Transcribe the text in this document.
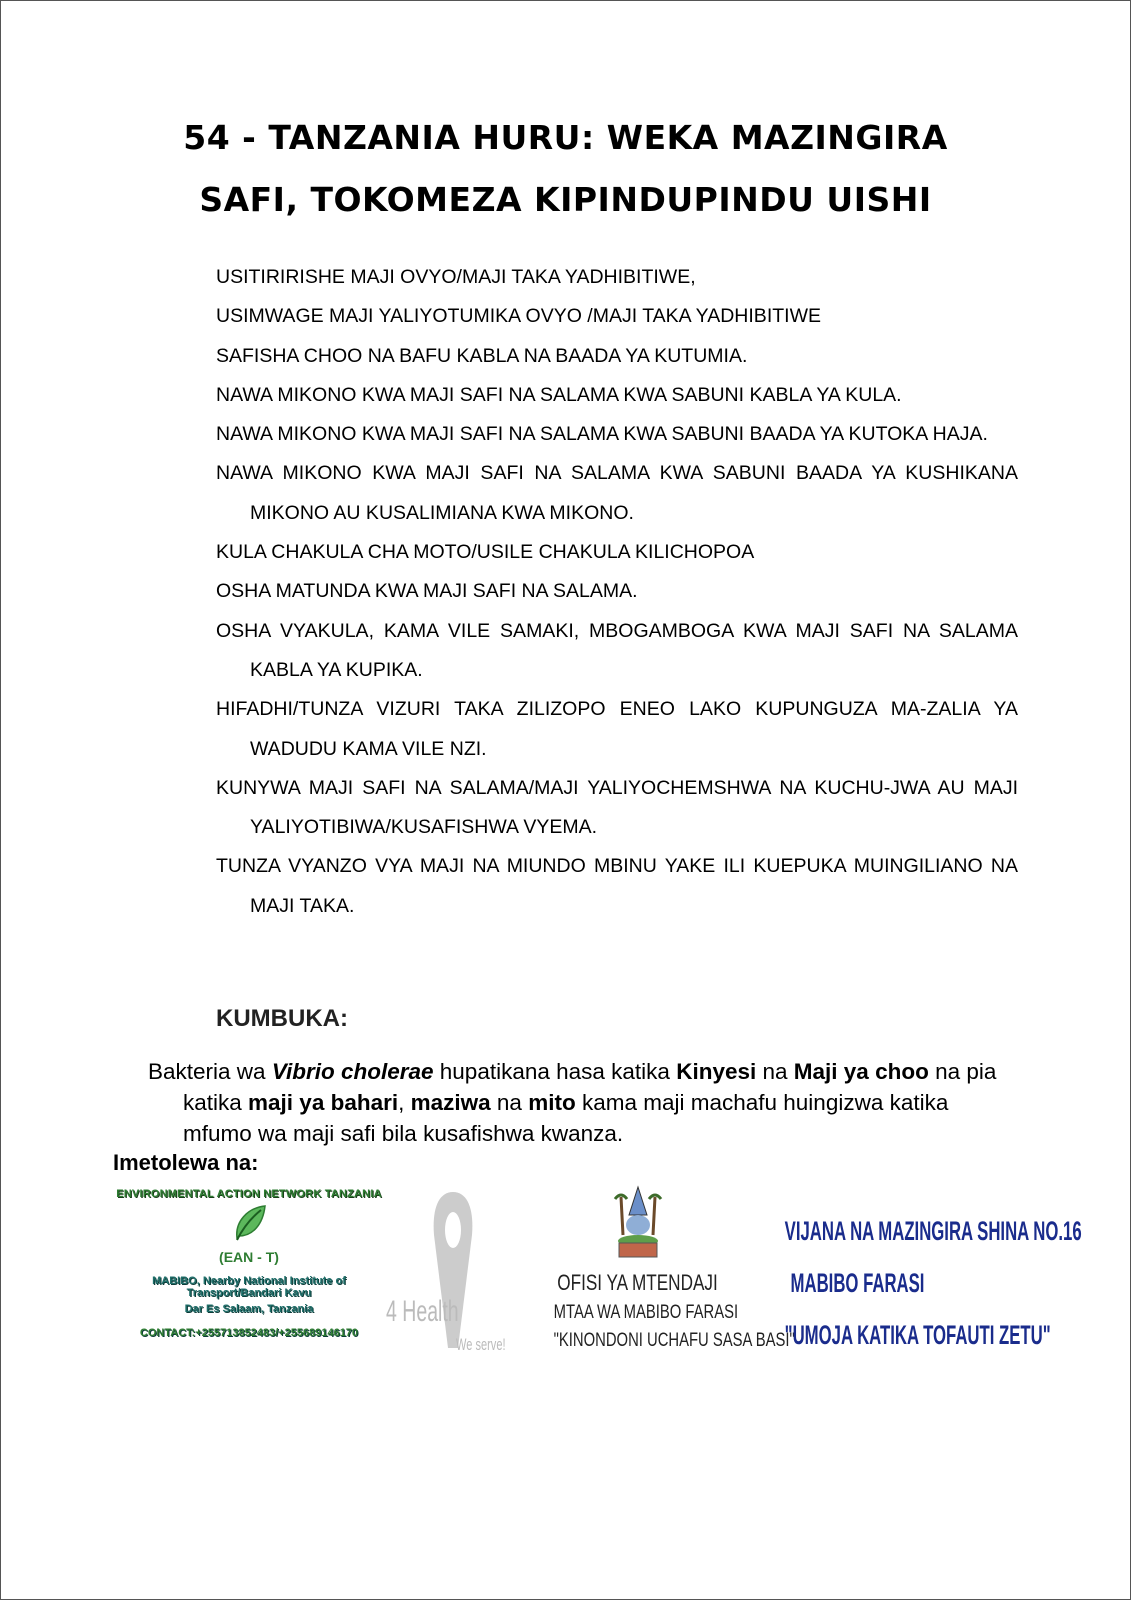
54 - TANZANIA HURU: WEKA MAZINGIRA
SAFI, TOKOMEZA KIPINDUPINDU UISHI
USITIRIRISHE MAJI OVYO/MAJI TAKA YADHIBITIWE,
USIMWAGE MAJI YALIYOTUMIKA OVYO /MAJI TAKA YADHIBITIWE
SAFISHA CHOO NA BAFU KABLA NA BAADA YA KUTUMIA.
NAWA MIKONO KWA MAJI SAFI NA SALAMA KWA SABUNI KABLA YA KULA.
NAWA MIKONO KWA MAJI SAFI NA SALAMA KWA SABUNI BAADA YA KUTOKA HAJA.
NAWA MIKONO KWA MAJI SAFI NA SALAMA KWA SABUNI BAADA YA KUSHIKANA MIKONO AU KUSALIMIANA KWA MIKONO.
KULA CHAKULA CHA MOTO/USILE CHAKULA KILICHOPOA
OSHA MATUNDA KWA MAJI SAFI NA SALAMA.
OSHA VYAKULA, KAMA VILE SAMAKI, MBOGAMBOGA KWA MAJI SAFI NA SALAMA KABLA YA KUPIKA.
HIFADHI/TUNZA VIZURI TAKA ZILIZOPO ENEO LAKO KUPUNGUZA MA-ZALIA YA WADUDU KAMA VILE NZI.
KUNYWA MAJI SAFI NA SALAMA/MAJI YALIYOCHEMSHWA NA KUCHU-JWA AU MAJI YALIYOTIBIWA/KUSAFISHWA VYEMA.
TUNZA VYANZO VYA MAJI NA MIUNDO MBINU YAKE ILI KUEPUKA MUINGILIANO NA MAJI TAKA.
KUMBUKA:
Bakteria wa Vibrio cholerae hupatikana hasa katika Kinyesi na Maji ya choo na pia katika maji ya bahari, maziwa na mito kama maji machafu huingizwa katika mfumo wa maji safi bila kusafishwa kwanza.
Imetolewa na:
ENVIRONMENTAL ACTION NETWORK TANZANIA
(EAN - T)
MABIBO, Nearby National Institute of Transport/Bandari Kavu
Dar Es Salaam, Tanzania
CONTACT:+255713852483/+255689146170
4 Health
We serve!
OFISI YA MTENDAJI
MTAA WA MABIBO FARASI
"KINONDONI UCHAFU SASA BASI"
VIJANA NA MAZINGIRA SHINA NO.16
MABIBO FARASI
"UMOJA KATIKA TOFAUTI ZETU"
